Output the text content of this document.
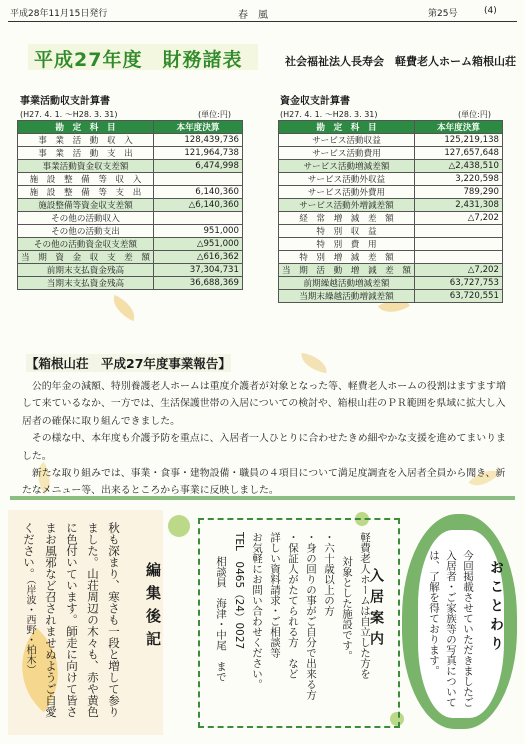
平成28年11月15日発行	春　風	第25号	(4)
平成27年度　財務諸表	社会福祉法人長寿会　軽費老人ホーム箱根山荘
事業活動収支計算書
(H27. 4. 1. ～H28. 3. 31)	(単位:円)
勘　定　科　目	本年度決算
事　業　活　動　収　入	128,439,736
事　業　活　動　支　出	121,964,738
事業活動資金収支差額	6,474,998
施　設　整　備　等　収　入	
施　設　整　備　等　支　出	6,140,360
施設整備等資金収支差額	△6,140,360
その他の活動収入	
その他の活動支出	951,000
その他の活動資金収支差額	△951,000
当　期　資　金　収　支　差　額	△616,362
前期末支払資金残高	37,304,731
当期末支払資金残高	36,688,369
資金収支計算書
(H27. 4. 1. ～H28. 3. 31)	(単位:円)
勘　定　科　目	本年度決算
サービス活動収益	125,219,138
サービス活動費用	127,657,648
サービス活動増減差額	△2,438,510
サービス活動外収益	3,220,598
サービス活動外費用	789,290
サービス活動外増減差額	2,431,308
経　常　増　減　差　額	△7,202
特　別　収　益	
特　別　費　用	
特　別　増　減　差　額	
当　期　活　動　増　減　差　額	△7,202
前期繰越活動増減差額	63,727,753
当期末繰越活動増減差額	63,720,551
【箱根山荘　平成27年度事業報告】

公的年金の減額、特別養護老人ホームは重度介護者が対象となった等、軽費老人ホームの役割はますます増して来ているなか、一方では、生活保護世帯の入居についての検討や、箱根山荘のＰＲ範囲を県域に拡大し入居者の確保に取り組んできました。

その様な中、本年度も介護予防を重点に、入居者一人ひとりに合わせたきめ細やかな支援を進めてまいりました。

新たな取り組みでは、事業・食事・建物設備・職員の４項目について満足度調査を入居者全員から聞き、新たなメニュー等、出来るところから事業に反映しました。

編集後記
秋も深まり、寒さも一段と増して参りました。山荘周辺の木々も、赤や黄色に色付いています。師走に向けて皆さまお風邪など召されませぬようご自愛ください。（岸波・西野・柏木）	軽費老人ホームは自立した方を
対象とした施設です。
・六十歳以上の方
・身の回りの事がご自分で出来る方
・保証人がたてられる方　など
詳しい資料請求・ご相談等
お気軽にお問い合わせください。
TEL　0465（24）0027
相談員　海津・中尾　まで	入居案内	おことわり
今回掲載させていただきましたご入居者・ご家族等の写真については、了解を得ております。
